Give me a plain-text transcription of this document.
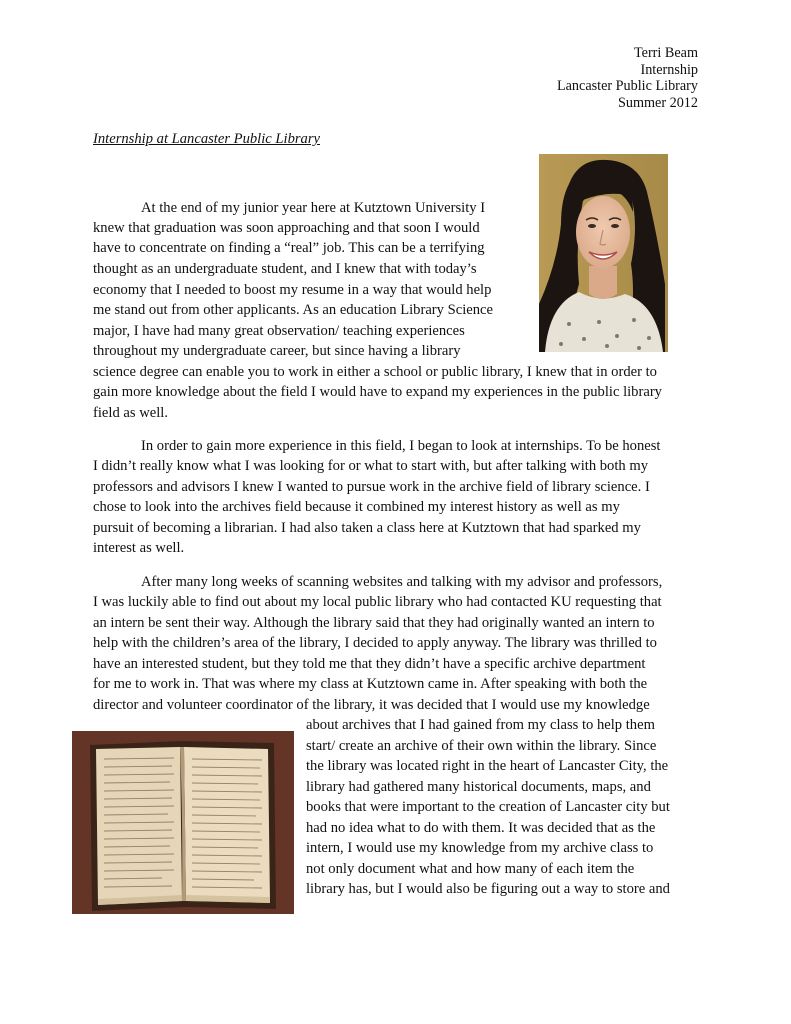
Terri Beam
Internship
Lancaster Public Library
Summer 2012
Internship at Lancaster Public Library
At the end of my junior year here at Kutztown University I
knew that graduation was soon approaching and that soon I would
have to concentrate on finding a “real” job. This can be a terrifying
thought as an undergraduate student, and I knew that with today’s
economy that I needed to boost my resume in a way that would help
me stand out from other applicants. As an education Library Science
major, I have had many great observation/ teaching experiences
throughout my undergraduate career, but since having a library
science degree can enable you to work in either a school or public library, I knew that in order to
gain more knowledge about the field I would have to expand my experiences in the public library
field as well.
In order to gain more experience in this field, I began to look at internships. To be honest
I didn’t really know what I was looking for or what to start with, but after talking with both my
professors and advisors I knew I wanted to pursue work in the archive field of library science. I
chose to look into the archives field because it combined my interest history as well as my
pursuit of becoming a librarian. I had also taken a class here at Kutztown that had sparked my
interest as well.
After many long weeks of scanning websites and talking with my advisor and professors,
I was luckily able to find out about my local public library who had contacted KU requesting that
an intern be sent their way. Although the library said that they had originally wanted an intern to
help with the children’s area of the library, I decided to apply anyway. The library was thrilled to
have an interested student, but they told me that they didn’t have a specific archive department
for me to work in. That was where my class at Kutztown came in. After speaking with both the
director and volunteer coordinator of the library, it was decided that I would use my knowledge
about archives that I had gained from my class to help them
start/ create an archive of their own within the library. Since
the library was located right in the heart of Lancaster City, the
library had gathered many historical documents, maps, and
books that were important to the creation of Lancaster city but
had no idea what to do with them. It was decided that as the
intern, I would use my knowledge from my archive class to
not only document what and how many of each item the
library has, but I would also be figuring out a way to store and
